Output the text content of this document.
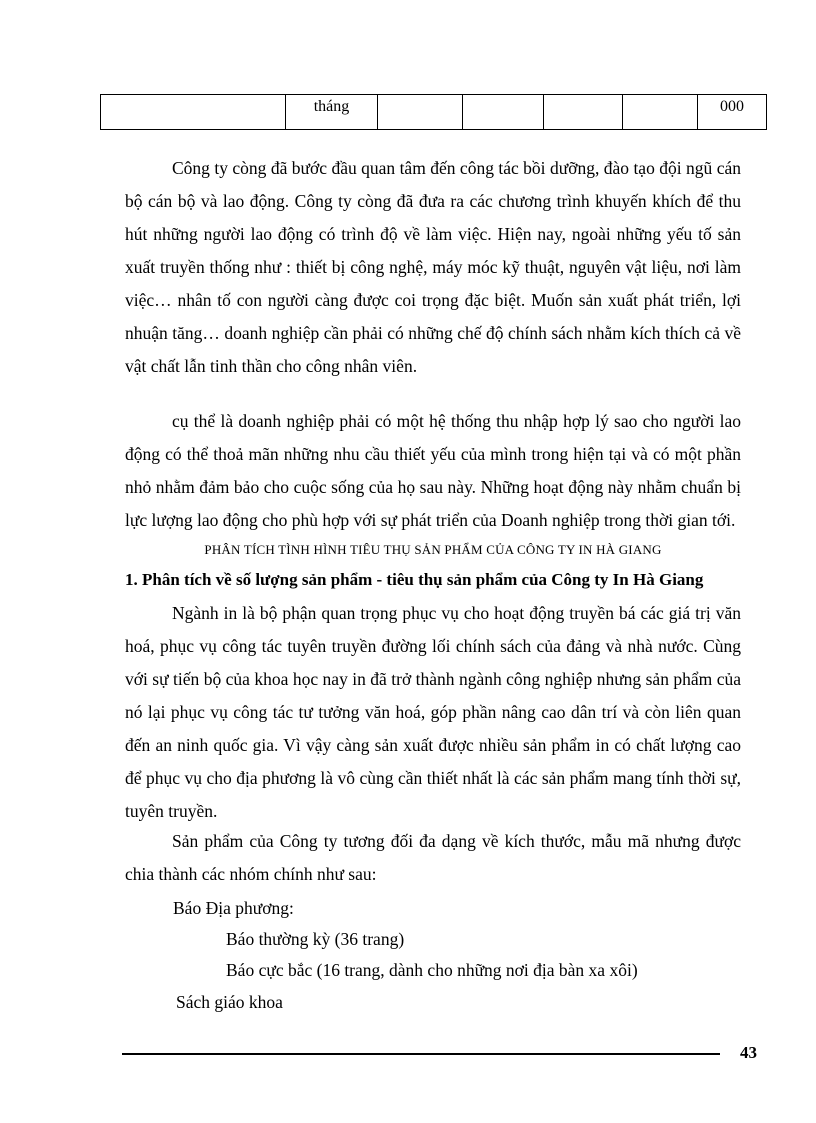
	tháng					000

Công ty còng đã bước đầu quan tâm đến công tác bồi dưỡng, đào tạo đội ngũ cán bộ cán bộ và lao động. Công ty còng đã đưa ra các chương trình khuyến khích để thu hút những người lao động có trình độ về làm việc. Hiện nay, ngoài những yếu tố sản xuất truyền thống như : thiết bị công nghệ, máy móc kỹ thuật, nguyên vật liệu, nơi làm việc… nhân tố con người càng được coi trọng đặc biệt. Muốn sản xuất phát triển, lợi nhuận tăng… doanh nghiệp cần phải có những chế độ chính sách nhằm kích thích cả về vật chất lẫn tinh thần cho công nhân viên.

cụ thể là doanh nghiệp phải có một hệ thống thu nhập hợp lý sao cho người lao động có thể thoả mãn những nhu cầu thiết yếu của mình trong hiện tại và có một phần nhỏ nhằm đảm bảo cho cuộc sống của họ sau này. Những hoạt động này nhằm chuẩn bị lực lượng lao động cho phù hợp với sự phát triển của Doanh nghiệp trong thời gian tới.

PHÂN TÍCH TÌNH HÌNH TIÊU THỤ SẢN PHẨM CỦA CÔNG TY IN HÀ GIANG

1. Phân tích về số lượng sản phẩm - tiêu thụ sản phẩm của Công ty In Hà Giang

Ngành in là bộ phận quan trọng phục vụ cho hoạt động truyền bá các giá trị văn hoá, phục vụ công tác tuyên truyền đường lối chính sách của đảng và nhà nước. Cùng với sự tiến bộ của khoa học nay in đã trở thành ngành công nghiệp nhưng sản phẩm của nó lại phục vụ công tác tư tưởng văn hoá, góp phần nâng cao dân trí và còn liên quan đến an ninh quốc gia. Vì vậy càng sản xuất được nhiều sản phẩm in có chất lượng cao để phục vụ cho địa phương là vô cùng cần thiết nhất là các sản phẩm mang tính thời sự, tuyên truyền.

Sản phẩm của Công ty tương đối đa dạng về kích thước, mẫu mã nhưng được chia thành các nhóm chính như sau:

Báo Địa phương:

Báo thường kỳ (36 trang)

Báo cực bắc (16 trang, dành cho những nơi địa bàn xa xôi)

Sách giáo khoa

43
